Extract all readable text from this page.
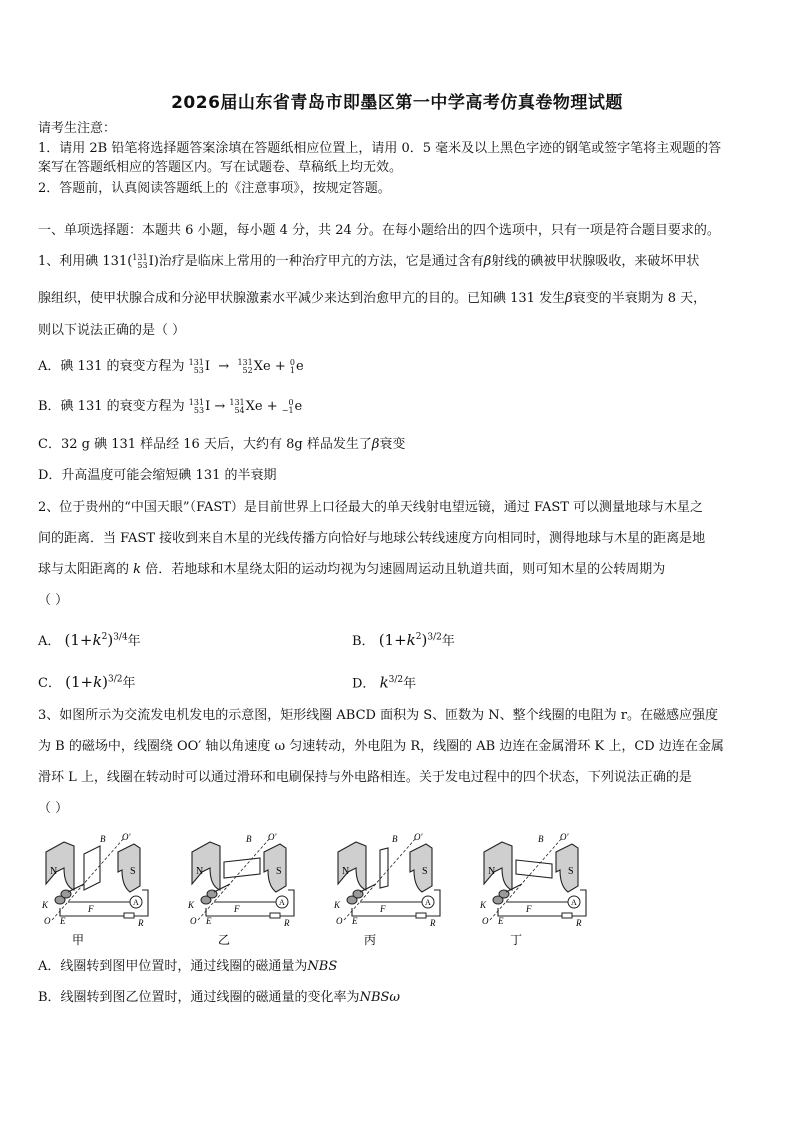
2026届山东省青岛市即墨区第一中学高考仿真卷物理试题
请考生注意：
1．请用 2B 铅笔将选择题答案涂填在答题纸相应位置上，请用 0．5 毫米及以上黑色字迹的钢笔或签字笔将主观题的答
案写在答题纸相应的答题区内。写在试题卷、草稿纸上均无效。
2．答题前，认真阅读答题纸上的《注意事项》，按规定答题。
一、单项选择题：本题共 6 小题，每小题 4 分，共 24 分。在每小题给出的四个选项中，只有一项是符合题目要求的。
1、利用碘 131( 131
53 I)治疗是临床上常用的一种治疗甲亢的方法，它是通过含有β射线的碘被甲状腺吸收，来破坏甲状
腺组织，使甲状腺合成和分泌甲状腺激素水平减少来达到治愈甲亢的目的。已知碘 131 发生β衰变的半衰期为 8 天，
则以下说法正确的是（ ）
A．碘 131 的衰变方程为 131
53 I  → 131
52 Xe + 0
1 e
B．碘 131 的衰变方程为 131
53 I → 131
54 Xe + 0
−1 e
C．32 g 碘 131 样品经 16 天后，大约有 8g 样品发生了β衰变
D．升高温度可能会缩短碘 131 的半衰期
2、位于贵州的“中国天眼”（FAST）是目前世界上口径最大的单天线射电望远镜，通过 FAST 可以测量地球与木星之
间的距离．当 FAST 接收到来自木星的光线传播方向恰好与地球公转线速度方向相同时，测得地球与木星的距离是地
球与太阳距离的 k 倍．若地球和木星绕太阳的运动均视为匀速圆周运动且轨道共面，则可知木星的公转周期为
（ ）
A． $(1+k^2)^{3/4}$年	B． $(1+k^2)^{3/2}$年
C． $(1+k)^{3/2}$年	D． $k^{3/2}$年
3、如图所示为交流发电机发电的示意图，矩形线圈 ABCD 面积为 S、匝数为 N、整个线圈的电阻为 r。在磁感应强度
为 B 的磁场中，线圈绕 OO′ 轴以角速度 ω 匀速转动，外电阻为 R，线圈的 AB 边连在金属滑环 K 上，CD 边连在金属
滑环 L 上，线圈在转动时可以通过滑环和电刷保持与外电路相连。关于发电过程中的四个状态，下列说法正确的是
（ ）
N	S
O'
B
A
R
K
O E
F
甲
N	S
O'
B
A
R
K
O E
F
乙
N	S
O'
B
A
R
K
O E
F
丙
N	S
O'
B
A
R
K
O E
F
丁
A．线圈转到图甲位置时，通过线圈的磁通量为NBS
B．线圈转到图乙位置时，通过线圈的磁通量的变化率为NBSω
